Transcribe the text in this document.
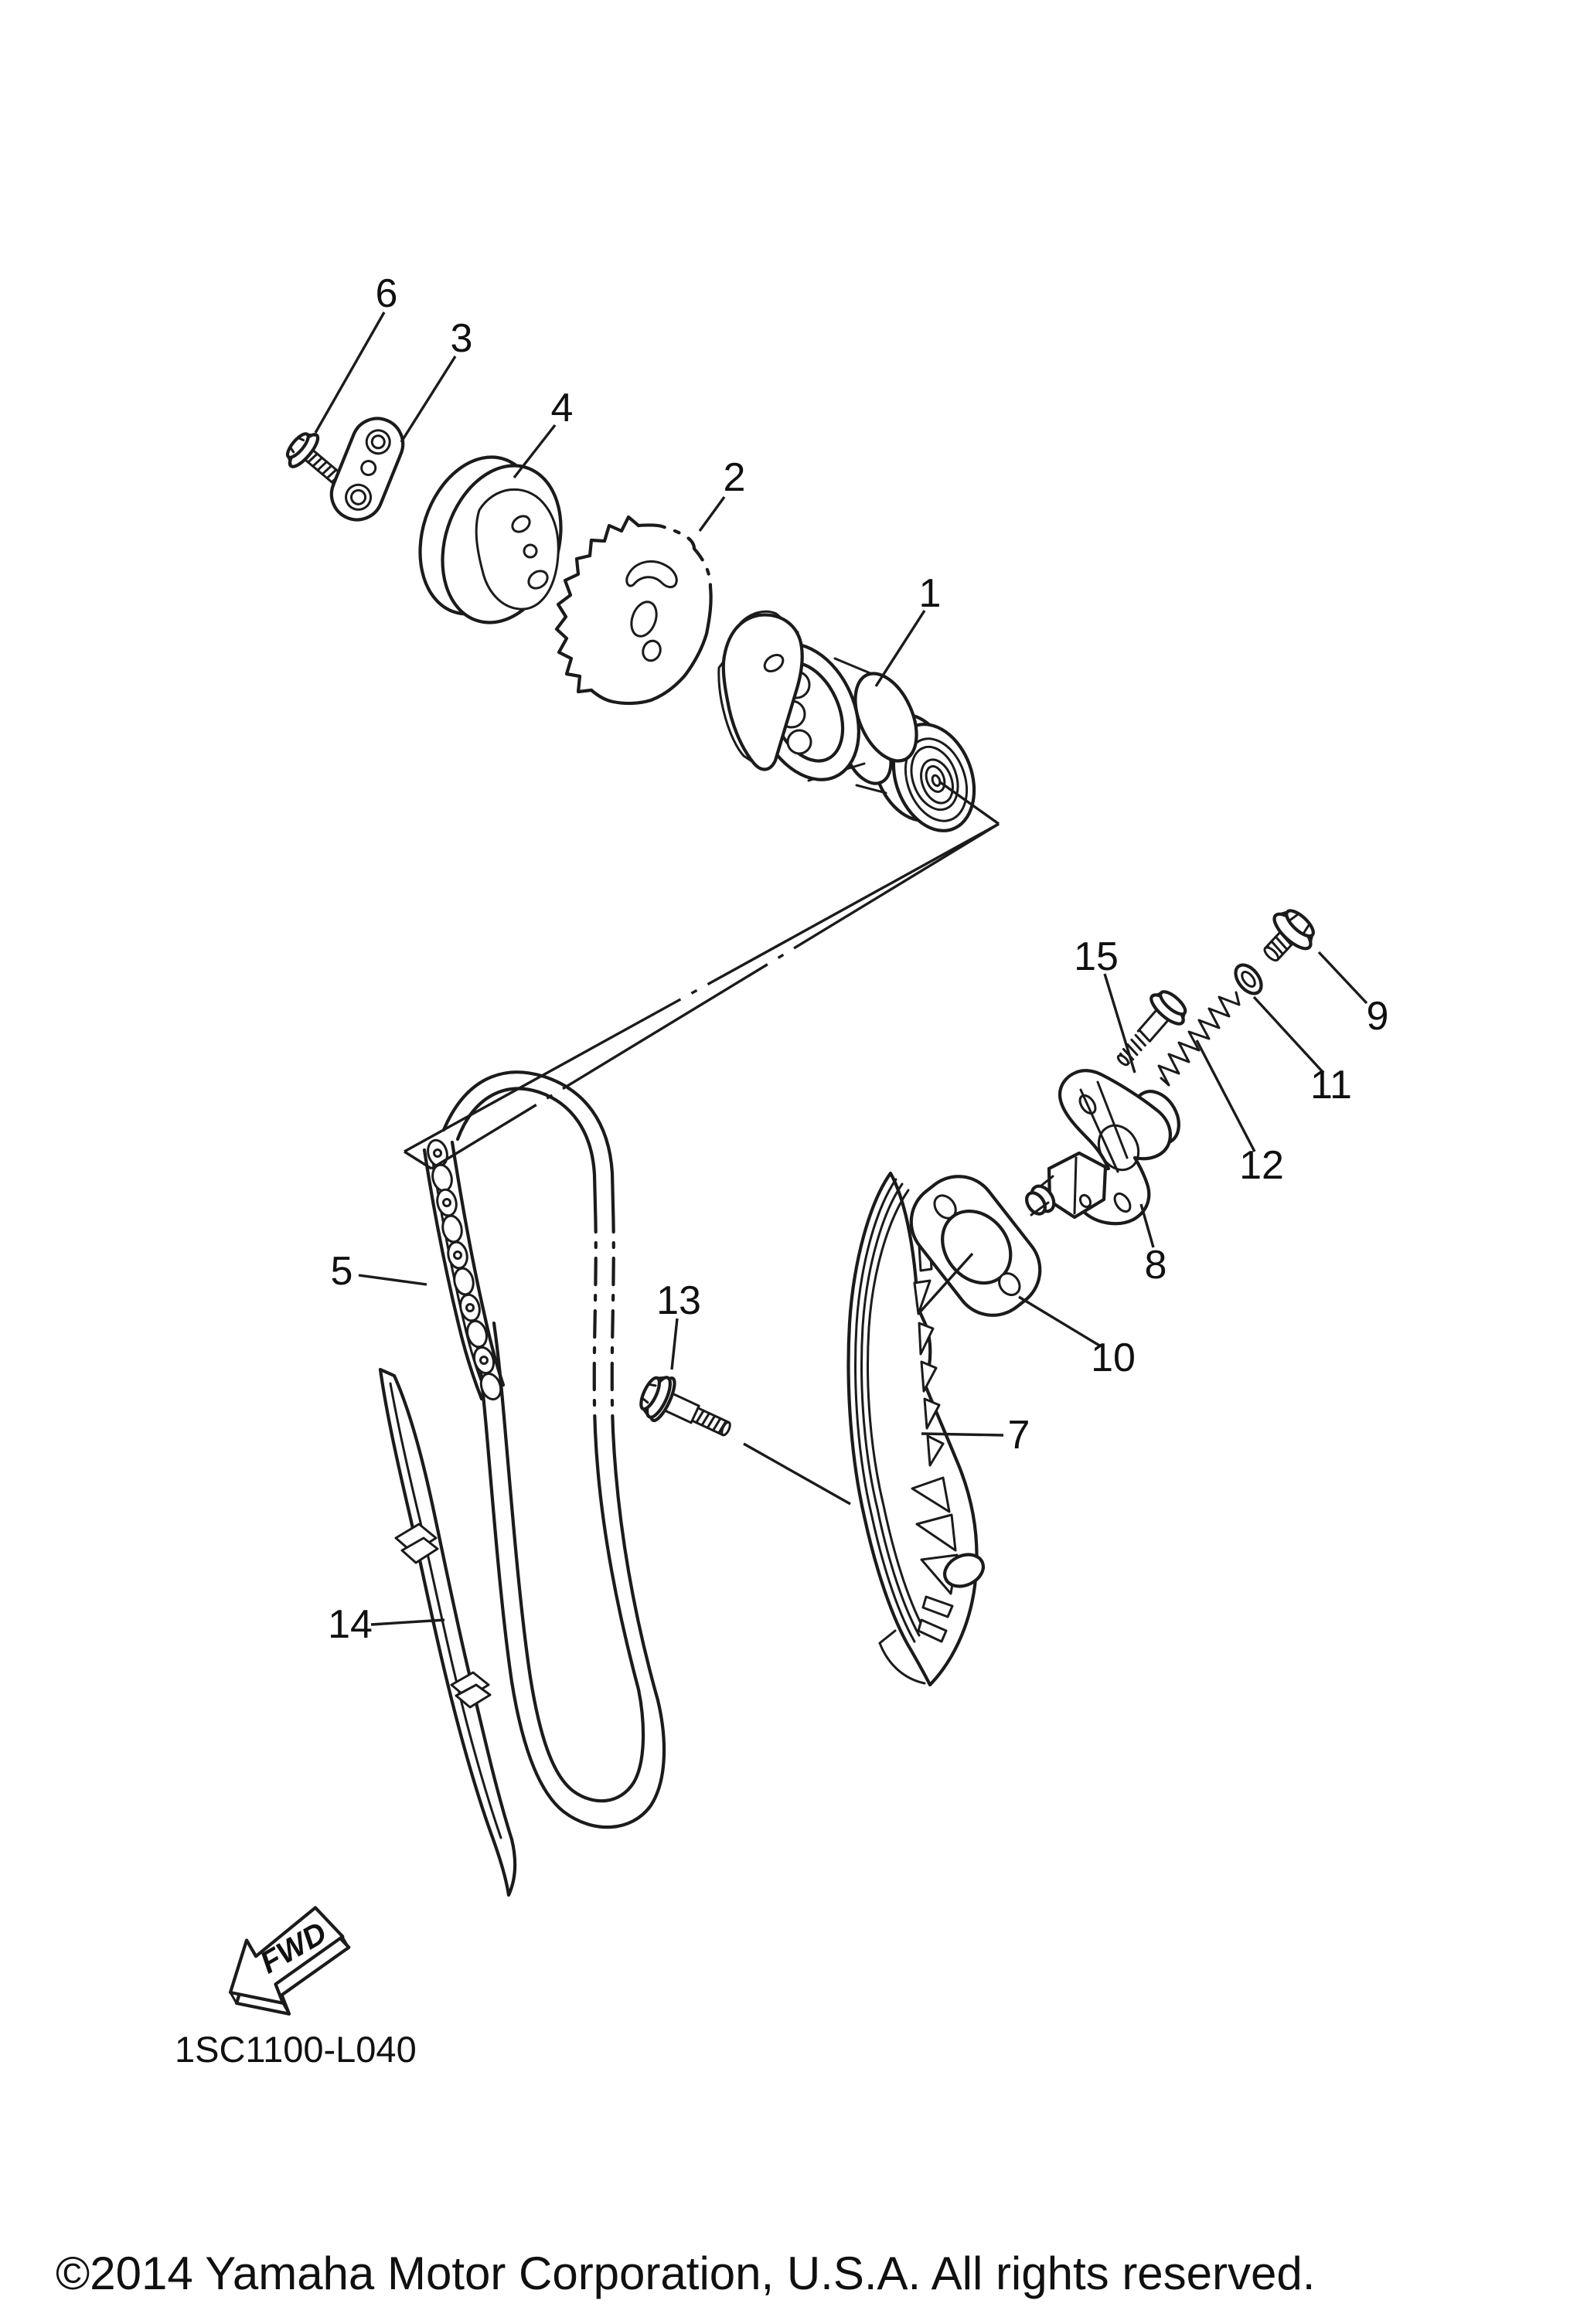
FWD
1
2
3
4
5
6
7
8
9
10
11
12
13
14
15
1SC1100-L040
©2014 Yamaha Motor Corporation, U.S.A. All rights reserved.
